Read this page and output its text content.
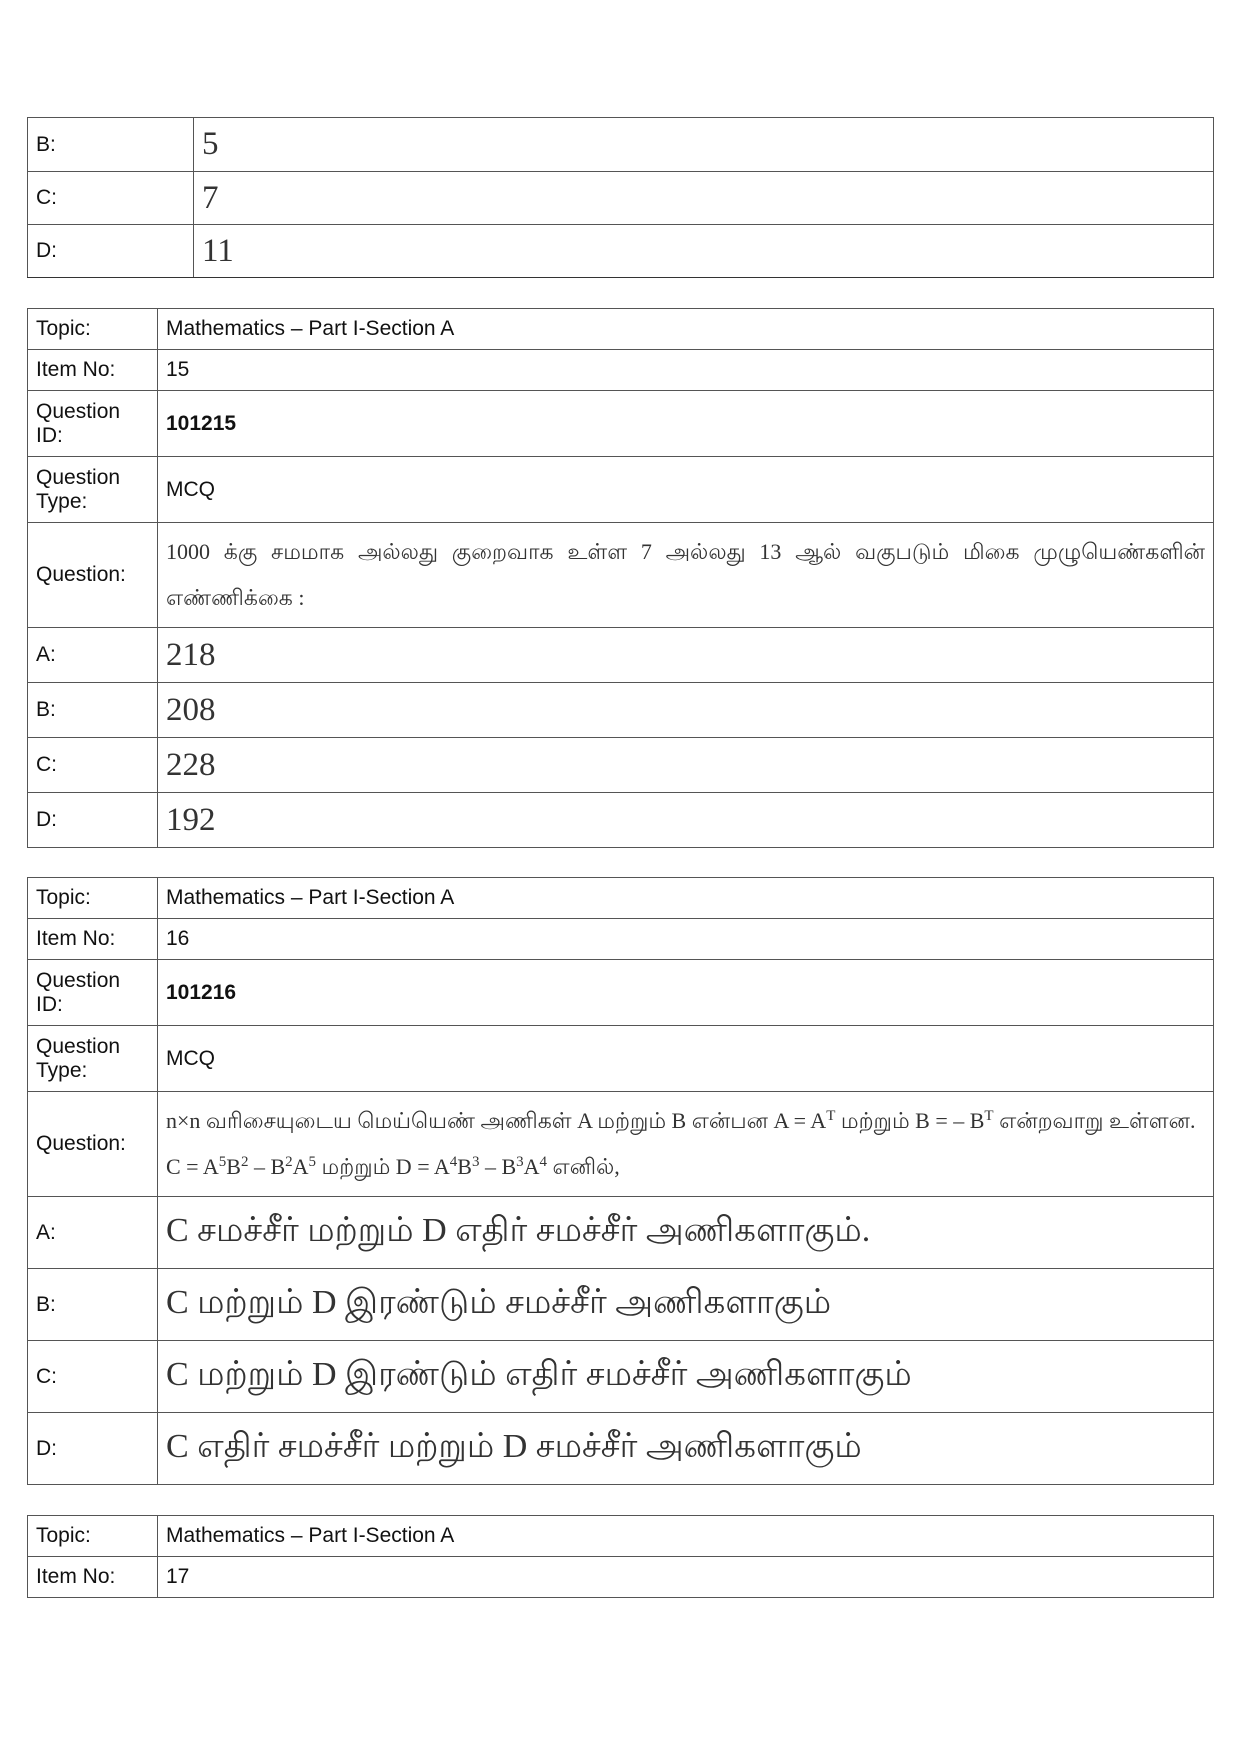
B:	5
C:	7
D:	11
Topic:	Mathematics – Part I-Section A
Item No:	15
Question ID:	101215
Question Type:	MCQ
Question:	1000 க்கு சமமாக அல்லது குறைவாக உள்ள 7 அல்லது 13 ஆல் வகுபடும் மிகை முழுயெண்களின் எண்ணிக்கை :
A:	218
B:	208
C:	228
D:	192
Topic:	Mathematics – Part I-Section A
Item No:	16
Question ID:	101216
Question Type:	MCQ
Question:	n×n வரிசையுடைய மெய்யெண் அணிகள் A மற்றும் B என்பன $A = A^T$ மற்றும் B = – $B^T$ என்றவாறு உள்ளன. $C = A^5B^2 - B^2A^5$ மற்றும் $D = A^4B^3 - B^3A^4$ எனில்,
A:	C சமச்சீர் மற்றும் D எதிர் சமச்சீர் அணிகளாகும்.
B:	C மற்றும் D இரண்டும் சமச்சீர் அணிகளாகும்
C:	C மற்றும் D இரண்டும் எதிர் சமச்சீர் அணிகளாகும்
D:	C எதிர் சமச்சீர் மற்றும் D சமச்சீர் அணிகளாகும்
Topic:	Mathematics – Part I-Section A
Item No:	17
